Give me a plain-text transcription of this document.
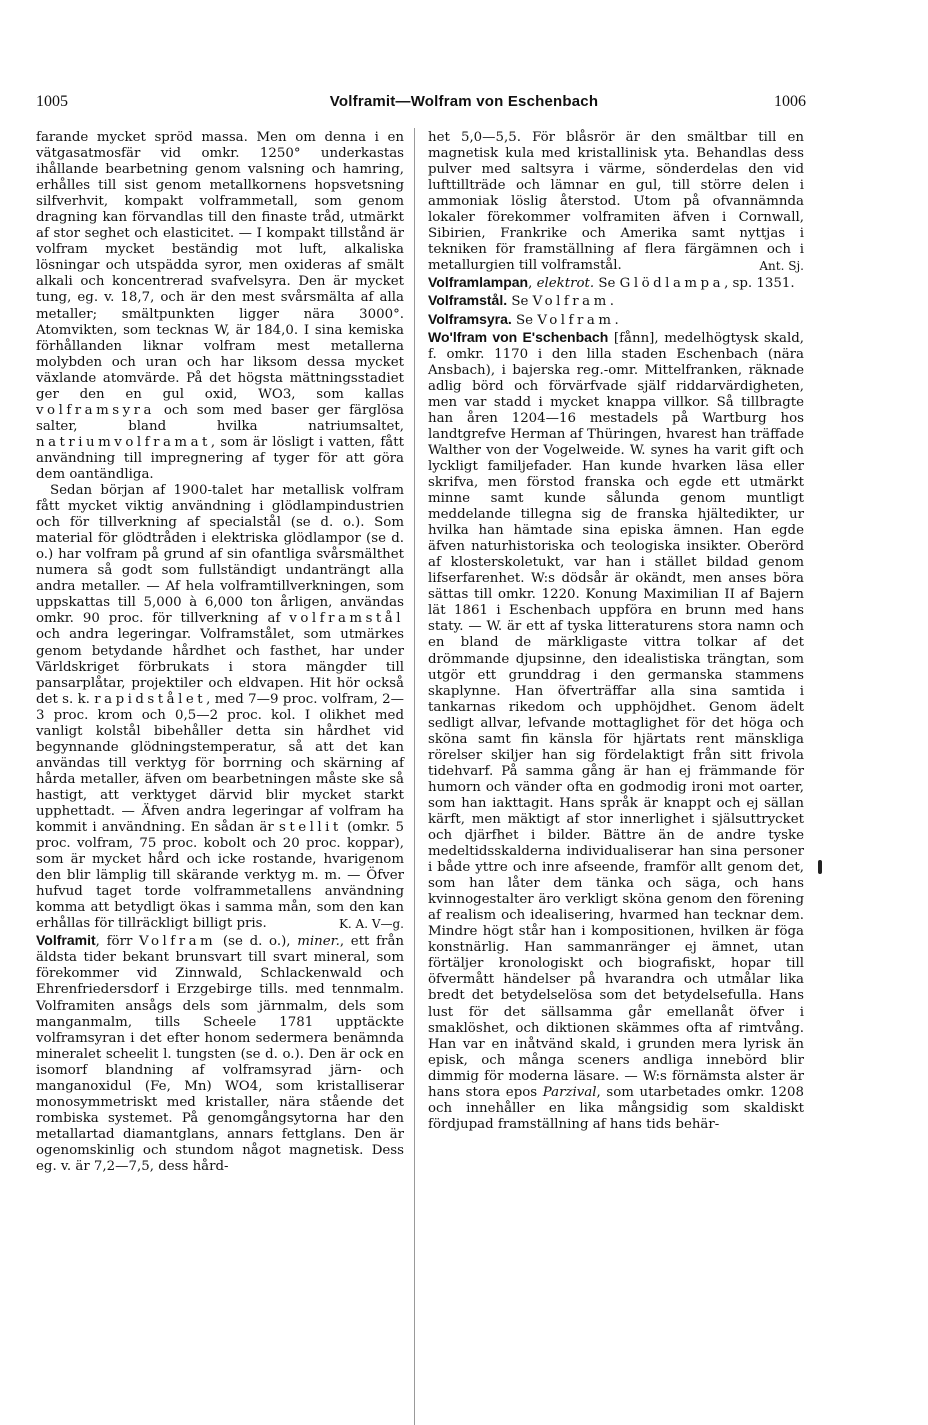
1005	Volframit—Wolfram von Eschenbach	1006

farande mycket spröd massa. Men om denna i en vätgasatmosfär vid omkr. 1250° underkastas ihållande bearbetning genom valsning och hamring, erhålles till sist genom metallkornens hopsvetsning silfverhvit, kompakt volframmetall, som genom dragning kan förvandlas till den finaste tråd, utmärkt af stor seghet och elasticitet. — I kompakt tillstånd är volfram mycket beständig mot luft, alkaliska lösningar och utspädda syror, men oxideras af smält alkali och koncentrerad svafvelsyra. Den är mycket tung, eg. v. 18,7, och är den mest svårsmälta af alla metaller; smältpunkten ligger nära 3000°. Atomvikten, som tecknas W, är 184,0. I sina kemiska förhållanden liknar volfram mest metallerna molybden och uran och har liksom dessa mycket växlande atomvärde. På det högsta mättningsstadiet ger den en gul oxid, WO3, som kallas volframsyra och som med baser ger färglösa salter, bland hvilka natriumsaltet, natriumvolframat, som är lösligt i vatten, fått användning till impregnering af tyger för att göra dem oantändliga.

Sedan början af 1900-talet har metallisk volfram fått mycket viktig användning i glödlampindustrien och för tillverkning af specialstål (se d. o.). Som material för glödtråden i elektriska glödlampor (se d. o.) har volfram på grund af sin ofantliga svårsmälthet numera så godt som fullständigt undanträngt alla andra metaller. — Af hela volframtillverkningen, som uppskattas till 5,000 à 6,000 ton årligen, användas omkr. 90 proc. för tillverkning af volframstål och andra legeringar. Volframstålet, som utmärkes genom betydande hårdhet och fasthet, har under Världskriget förbrukats i stora mängder till pansarplåtar, projektiler och eldvapen. Hit hör också det s. k. rapidstålet, med 7—9 proc. volfram, 2—3 proc. krom och 0,5—2 proc. kol. I olikhet med vanligt kolstål bibehåller detta sin hårdhet vid begynnande glödningstemperatur, så att det kan användas till verktyg för borrning och skärning af hårda metaller, äfven om bearbetningen måste ske så hastigt, att verktyget därvid blir mycket starkt upphettadt. — Äfven andra legeringar af volfram ha kommit i användning. En sådan är stellit (omkr. 5 proc. volfram, 75 proc. kobolt och 20 proc. koppar), som är mycket hård och icke rostande, hvarigenom den blir lämplig till skärande verktyg m. m. — Öfver hufvud taget torde volframmetallens användning komma att betydligt ökas i samma mån, som den kan erhållas för tillräckligt billigt pris.	K. A. V—g.

Volframit, förr Volfram (se d. o.), miner., ett från äldsta tider bekant brunsvart till svart mineral, som förekommer vid Zinnwald, Schlackenwald och Ehrenfriedersdorf i Erzgebirge tills. med tennmalm. Volframiten ansågs dels som järnmalm, dels som manganmalm, tills Scheele 1781 upptäckte volframsyran i det efter honom sedermera benämnda mineralet scheelit l. tungsten (se d. o.). Den är ock en isomorf blandning af volframsyrad järn- och manganoxidul (Fe, Mn) WO4, som kristalliserar monosymmetriskt med kristaller, nära stående det rombiska systemet. På genomgångsytorna har den metallartad diamantglans, annars fettglans. Den är ogenomskinlig och stundom något magnetisk. Dess eg. v. är 7,2—7,5, dess hård-

het 5,0—5,5. För blåsrör är den smältbar till en magnetisk kula med kristallinisk yta. Behandlas dess pulver med saltsyra i värme, sönderdelas den vid lufttillträde och lämnar en gul, till större delen i ammoniak löslig återstod. Utom på ofvannämnda lokaler förekommer volframiten äfven i Cornwall, Sibirien, Frankrike och Amerika samt nyttjas i tekniken för framställning af flera färgämnen och i metallurgien till volframstål.	Ant. Sj.

Volframlampan, elektrot. Se Glödlampa, sp. 1351.

Volframstål. Se Volfram.

Volframsyra. Se Volfram.

Wo'lfram von E'schenbach [fånn], medelhögtysk skald, f. omkr. 1170 i den lilla staden Eschenbach (nära Ansbach), i bajerska reg.-omr. Mittelfranken, räknade adlig börd och förvärfvade själf riddarvärdigheten, men var stadd i mycket knappa villkor. Så tillbragte han åren 1204—16 mestadels på Wartburg hos landtgrefve Herman af Thüringen, hvarest han träffade Walther von der Vogelweide. W. synes ha varit gift och lyckligt familjefader. Han kunde hvarken läsa eller skrifva, men förstod franska och egde ett utmärkt minne samt kunde sålunda genom muntligt meddelande tillegna sig de franska hjältedikter, ur hvilka han hämtade sina episka ämnen. Han egde äfven naturhistoriska och teologiska insikter. Oberörd af klosterskoletukt, var han i stället bildad genom lifserfarenhet. W:s dödsår är okändt, men anses böra sättas till omkr. 1220. Konung Maximilian II af Bajern lät 1861 i Eschenbach uppföra en brunn med hans staty. — W. är ett af tyska litteraturens stora namn och en bland de märkligaste vittra tolkar af det drömmande djupsinne, den idealistiska trängtan, som utgör ett grunddrag i den germanska stammens skaplynne. Han öfverträffar alla sina samtida i tankarnas rikedom och upphöjdhet. Genom ädelt sedligt allvar, lefvande mottaglighet för det höga och sköna samt fin känsla för hjärtats rent mänskliga rörelser skiljer han sig fördelaktigt från sitt frivola tidehvarf. På samma gång är han ej främmande för humorn och vänder ofta en godmodig ironi mot oarter, som han iakttagit. Hans språk är knappt och ej sällan kärft, men mäktigt af stor innerlighet i själsuttrycket och djärfhet i bilder. Bättre än de andre tyske medeltidsskalderna individualiserar han sina personer i både yttre och inre afseende, framför allt genom det, som han låter dem tänka och säga, och hans kvinnogestalter äro verkligt sköna genom den förening af realism och idealisering, hvarmed han tecknar dem. Mindre högt står han i kompositionen, hvilken är föga konstnärlig. Han sammanränger ej ämnet, utan förtäljer kronologiskt och biografiskt, hopar till öfvermått händelser på hvarandra och utmålar lika bredt det betydelselösa som det betydelsefulla. Hans lust för det sällsamma går emellanåt öfver i smaklöshet, och diktionen skämmes ofta af rimtvång. Han var en inåtvänd skald, i grunden mera lyrisk än episk, och många sceners andliga innebörd blir dimmig för moderna läsare. — W:s förnämsta alster är hans stora epos Parzival, som utarbetades omkr. 1208 och innehåller en lika mångsidig som skaldiskt fördjupad framställning af hans tids behär-
